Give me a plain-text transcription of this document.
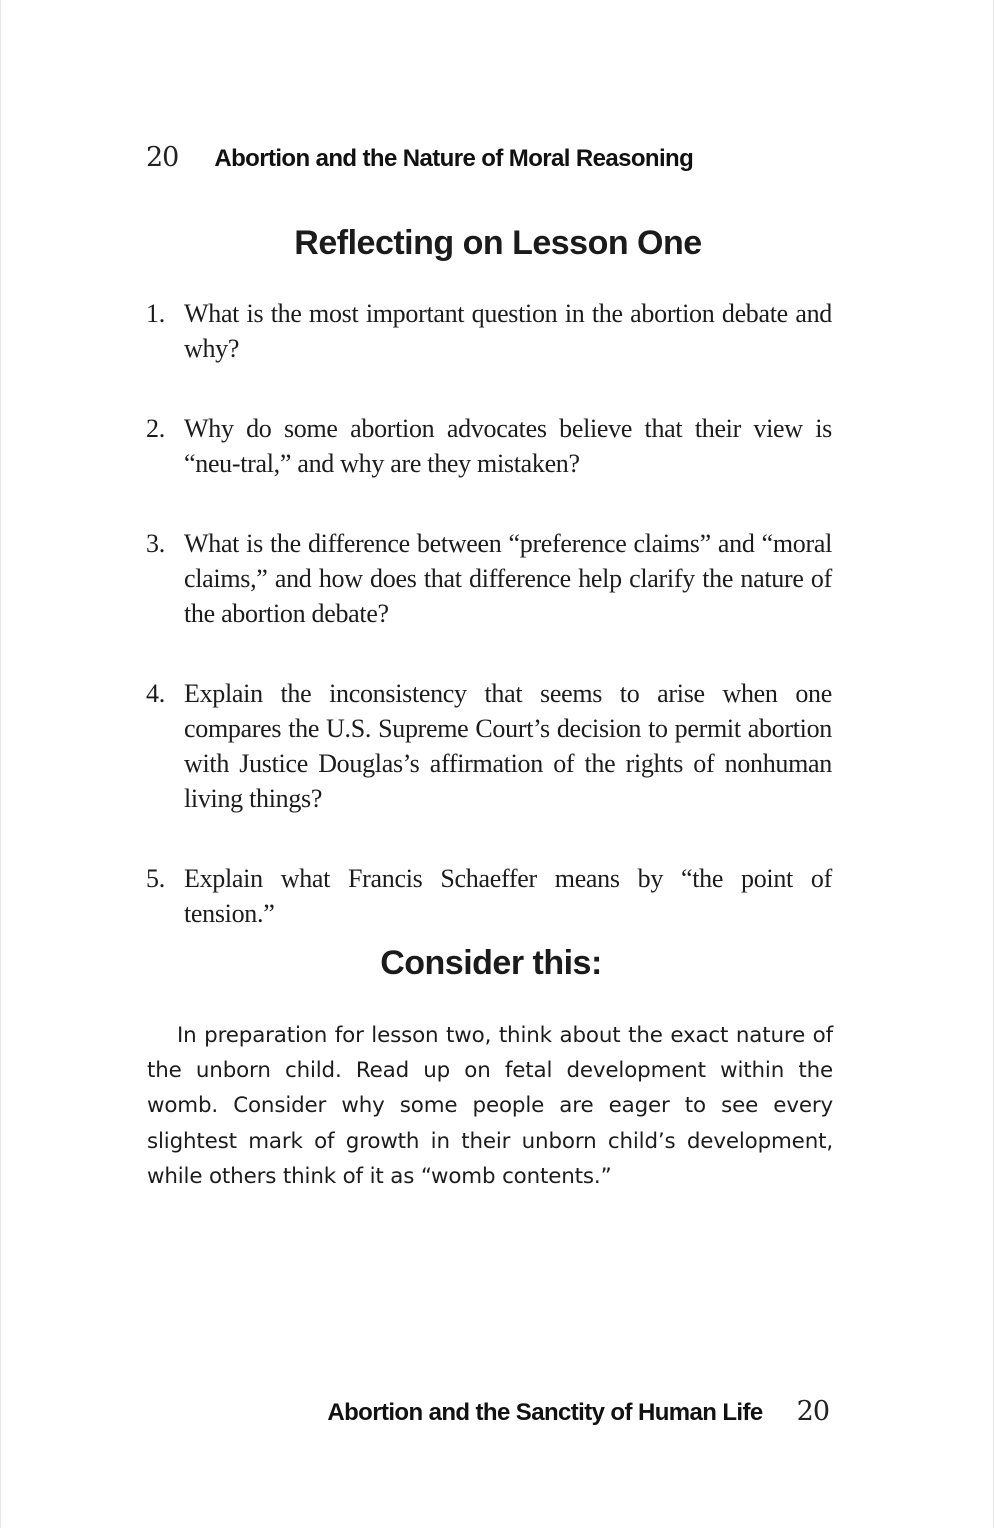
20 Abortion and the Nature of Moral Reasoning
Reflecting on Lesson One
1. What is the most important question in the abortion debate and why?
2. Why do some abortion advocates believe that their view is “neu-tral,” and why are they mistaken?
3. What is the difference between “preference claims” and “moral claims,” and how does that difference help clarify the nature of the abortion debate?
4. Explain the inconsistency that seems to arise when one compares the U.S. Supreme Court’s decision to permit abortion with Justice Douglas’s affirmation of the rights of nonhuman living things?
5. Explain what Francis Schaeffer means by “the point of tension.”
Consider this:

In preparation for lesson two, think about the exact nature of the unborn child. Read up on fetal development within the womb. Consider why some people are eager to see every slightest mark of growth in their unborn child’s development, while others think of it as “womb contents.”

Abortion and the Sanctity of Human Life 20
